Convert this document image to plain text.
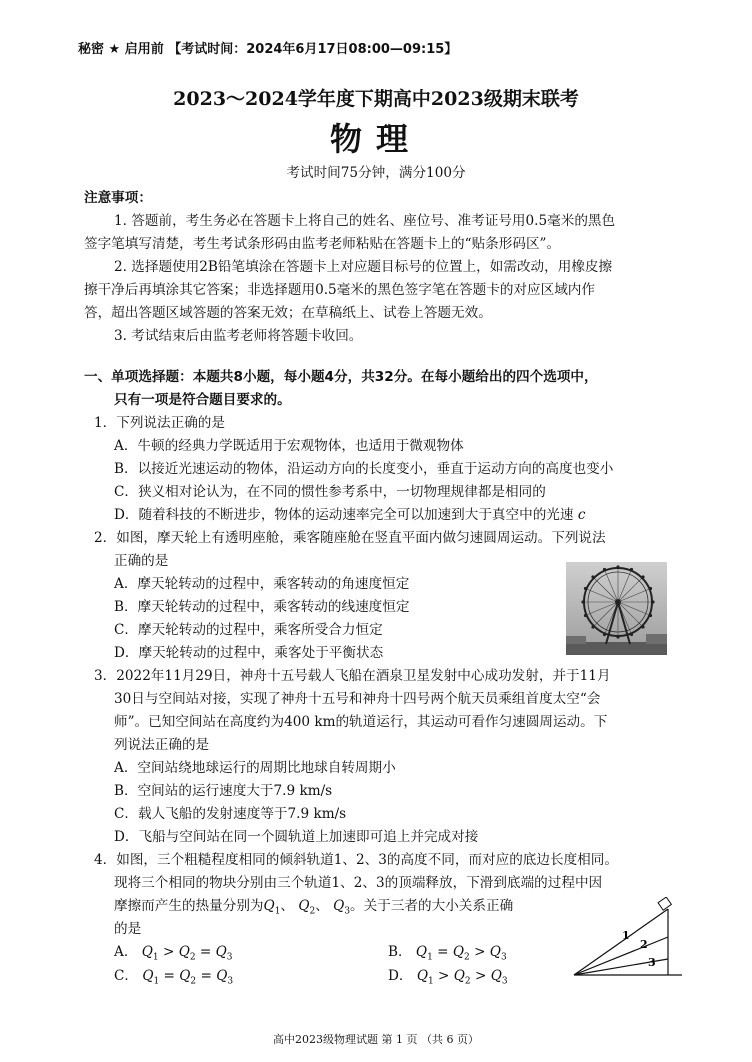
秘密 ★ 启用前 【考试时间：2024年6月17日08:00—09:15】
2023～2024学年度下期高中2023级期末联考
物理
考试时间75分钟，满分100分
注意事项：
1. 答题前，考生务必在答题卡上将自己的姓名、座位号、准考证号用0.5毫米的黑色
签字笔填写清楚，考生考试条形码由监考老师粘贴在答题卡上的“贴条形码区”。
2. 选择题使用2B铅笔填涂在答题卡上对应题目标号的位置上，如需改动，用橡皮擦
擦干净后再填涂其它答案；非选择题用0.5毫米的黑色签字笔在答题卡的对应区域内作
答，超出答题区域答题的答案无效；在草稿纸上、试卷上答题无效。
3. 考试结束后由监考老师将答题卡收回。
一、单项选择题：本题共8小题，每小题4分，共32分。在每小题给出的四个选项中，
只有一项是符合题目要求的。
1．下列说法正确的是
A．牛顿的经典力学既适用于宏观物体，也适用于微观物体
B．以接近光速运动的物体，沿运动方向的长度变小，垂直于运动方向的高度也变小
C．狭义相对论认为，在不同的惯性参考系中，一切物理规律都是相同的
D．随着科技的不断进步，物体的运动速率完全可以加速到大于真空中的光速 c
2．如图，摩天轮上有透明座舱，乘客随座舱在竖直平面内做匀速圆周运动。下列说法
正确的是
A．摩天轮转动的过程中，乘客转动的角速度恒定
B．摩天轮转动的过程中，乘客转动的线速度恒定
C．摩天轮转动的过程中，乘客所受合力恒定
D．摩天轮转动的过程中，乘客处于平衡状态
3．2022年11月29日，神舟十五号载人飞船在酒泉卫星发射中心成功发射，并于11月
30日与空间站对接，实现了神舟十五号和神舟十四号两个航天员乘组首度太空“会
师”。已知空间站在高度约为400 km的轨道运行，其运动可看作匀速圆周运动。下
列说法正确的是
A．空间站绕地球运行的周期比地球自转周期小
B．空间站的运行速度大于7.9 km/s
C．载人飞船的发射速度等于7.9 km/s
D．飞船与空间站在同一个圆轨道上加速即可追上并完成对接
4．如图，三个粗糙程度相同的倾斜轨道1、2、3的高度不同，而对应的底边长度相同。
现将三个相同的物块分别由三个轨道1、2、3的顶端释放，下滑到底端的过程中因
摩擦而产生的热量分别为$Q_1$、 $Q_2$、 $Q_3$。关于三者的大小关系正确
的是
A． $Q_1 > Q_2 = Q_3$	B． $Q_1 = Q_2 > Q_3$
C． $Q_1 = Q_2 = Q_3$	D． $Q_1 > Q_2 > Q_3$
1
2
3
高中2023级物理试题 第 1 页 （共 6 页）
